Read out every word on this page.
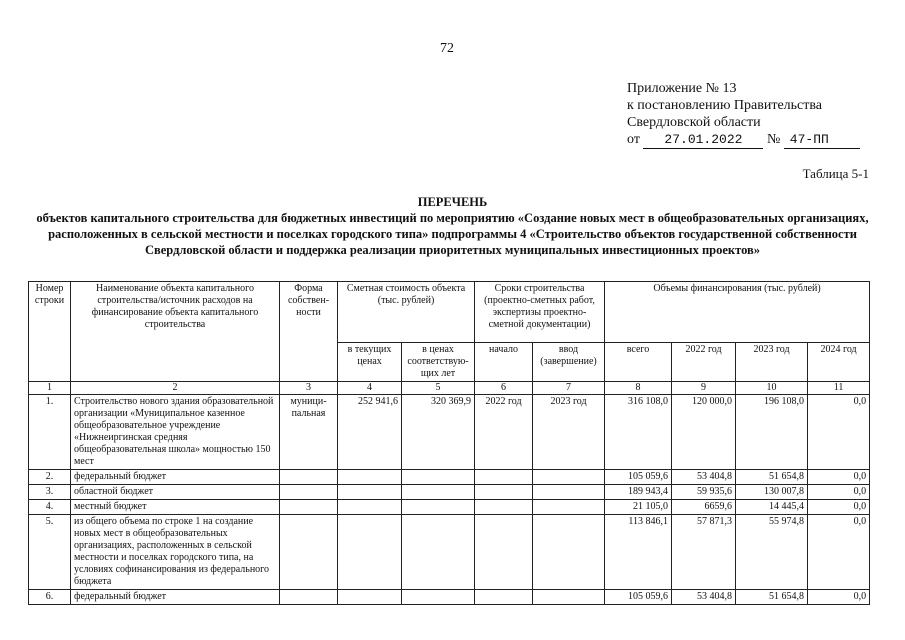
72
Приложение № 13
к постановлению Правительства
Свердловской области
от 27.01.2022 № 47-ПП
Таблица 5-1
ПЕРЕЧЕНЬ
объектов капитального строительства для бюджетных инвестиций по мероприятию «Создание новых мест в общеобразовательных организациях, расположенных в сельской местности и поселках городского типа» подпрограммы 4 «Строительство объектов государственной собственности Свердловской области и поддержка реализации приоритетных муниципальных инвестиционных проектов»
Номер строки	Наименование объекта капитального строительства/источник расходов на финансирование объекта капитального строительства	Форма собствен-ности	Сметная стоимость объекта (тыс. рублей)		Сроки строительства (проектно-сметных работ, экспертизы проектно-сметной документации)		Объемы финансирования (тыс. рублей)			
			в текущих ценах	в ценах соответствую-щих лет	начало	ввод (завершение)	всего	2022 год	2023 год	2024 год
1	2	3	4	5	6	7	8	9	10	11
1.	Строительство нового здания образовательной организации «Муниципальное казенное общеобразовательное учреждение «Нижнеиргинская средняя общеобразовательная школа» мощностью 150 мест	муници-пальная	252 941,6	320 369,9	2022 год	2023 год	316 108,0	120 000,0	196 108,0	0,0
2.	федеральный бюджет						105 059,6	53 404,8	51 654,8	0,0
3.	областной бюджет						189 943,4	59 935,6	130 007,8	0,0
4.	местный бюджет						21 105,0	6659,6	14 445,4	0,0
5.	из общего объема по строке 1 на создание новых мест в общеобразовательных организациях, расположенных в сельской местности и поселках городского типа, на условиях софинансирования из федерального бюджета						113 846,1	57 871,3	55 974,8	0,0
6.	федеральный бюджет						105 059,6	53 404,8	51 654,8	0,0
